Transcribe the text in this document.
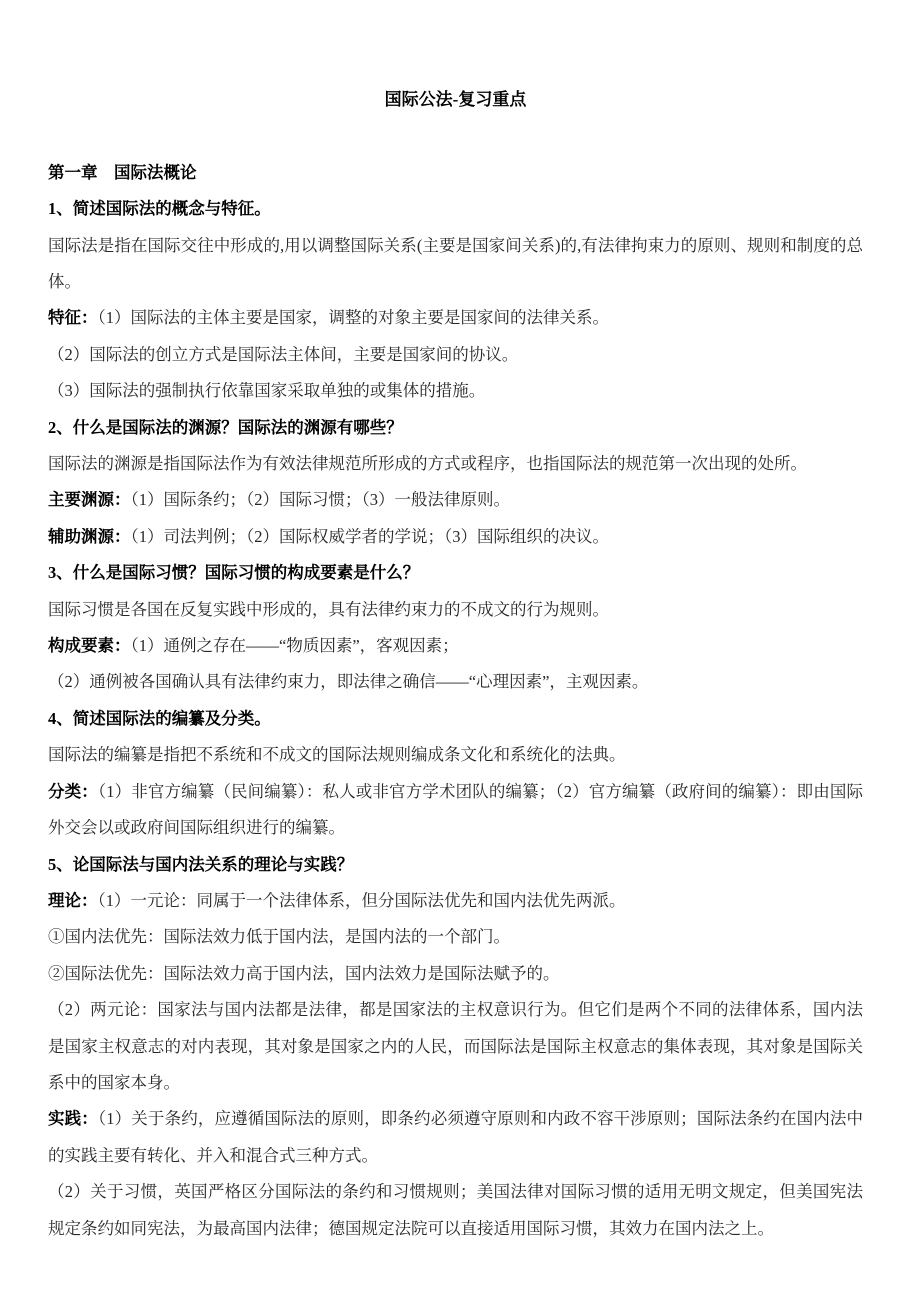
国际公法-复习重点

第一章　国际法概论

1、简述国际法的概念与特征。

国际法是指在国际交往中形成的,用以调整国际关系(主要是国家间关系)的,有法律拘束力的原则、规则和制度的总体。

特征：（1）国际法的主体主要是国家，调整的对象主要是国家间的法律关系。

（2）国际法的创立方式是国际法主体间，主要是国家间的协议。

（3）国际法的强制执行依靠国家采取单独的或集体的措施。

2、什么是国际法的渊源？国际法的渊源有哪些？

国际法的渊源是指国际法作为有效法律规范所形成的方式或程序，也指国际法的规范第一次出现的处所。

主要渊源：（1）国际条约；（2）国际习惯；（3）一般法律原则。

辅助渊源：（1）司法判例；（2）国际权威学者的学说；（3）国际组织的决议。

3、什么是国际习惯？国际习惯的构成要素是什么？

国际习惯是各国在反复实践中形成的，具有法律约束力的不成文的行为规则。

构成要素：（1）通例之存在——“物质因素”，客观因素；

（2）通例被各国确认具有法律约束力，即法律之确信——“心理因素”，主观因素。

4、简述国际法的编纂及分类。

国际法的编纂是指把不系统和不成文的国际法规则编成条文化和系统化的法典。

分类：（1）非官方编纂（民间编纂）：私人或非官方学术团队的编纂；（2）官方编纂（政府间的编纂）：即由国际外交会以或政府间国际组织进行的编纂。

5、论国际法与国内法关系的理论与实践？

理论：（1）一元论：同属于一个法律体系，但分国际法优先和国内法优先两派。

①国内法优先：国际法效力低于国内法，是国内法的一个部门。

②国际法优先：国际法效力高于国内法，国内法效力是国际法赋予的。

（2）两元论：国家法与国内法都是法律，都是国家法的主权意识行为。但它们是两个不同的法律体系，国内法是国家主权意志的对内表现，其对象是国家之内的人民，而国际法是国际主权意志的集体表现，其对象是国际关系中的国家本身。

实践：（1）关于条约，应遵循国际法的原则，即条约必须遵守原则和内政不容干涉原则；国际法条约在国内法中的实践主要有转化、并入和混合式三种方式。

（2）关于习惯，英国严格区分国际法的条约和习惯规则；美国法律对国际习惯的适用无明文规定，但美国宪法规定条约如同宪法，为最高国内法律；德国规定法院可以直接适用国际习惯，其效力在国内法之上。
